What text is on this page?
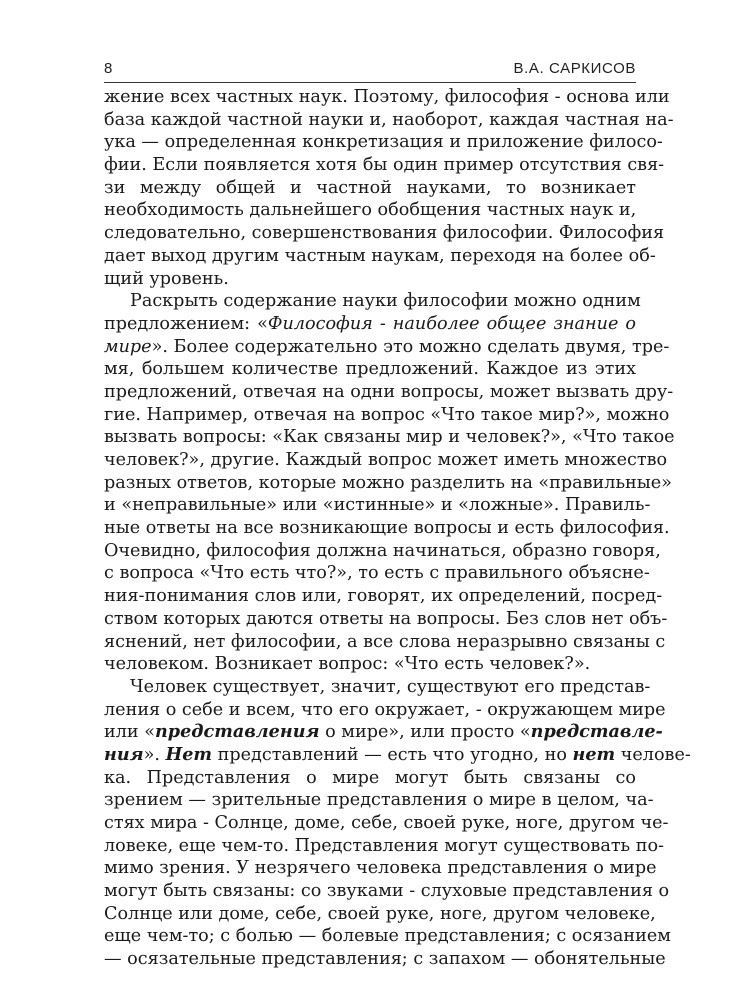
8	В.А. САРКИСОВ
жение всех частных наук. Поэтому, философия - основа или
база каждой частной науки и, наоборот, каждая частная на-
ука — определенная конкретизация и приложение филосо-
фии. Если появляется хотя бы один пример отсутствия свя-
зи между общей и частной науками, то возникает
необходимость дальнейшего обобщения частных наук и,
следовательно, совершенствования философии. Философия
дает выход другим частным наукам, переходя на более об-
щий уровень.
Раскрыть содержание науки философии можно одним
предложением: «Философия - наиболее общее знание о
мире». Более содержательно это можно сделать двумя, тре-
мя, большем количестве предложений. Каждое из этих
предложений, отвечая на одни вопросы, может вызвать дру-
гие. Например, отвечая на вопрос «Что такое мир?», можно
вызвать вопросы: «Как связаны мир и человек?», «Что такое
человек?», другие. Каждый вопрос может иметь множество
разных ответов, которые можно разделить на «правильные»
и «неправильные» или «истинные» и «ложные». Правиль-
ные ответы на все возникающие вопросы и есть философия.
Очевидно, философия должна начинаться, образно говоря,
с вопроса «Что есть что?», то есть с правильного объясне-
ния-понимания слов или, говорят, их определений, посред-
ством которых даются ответы на вопросы. Без слов нет объ-
яснений, нет философии, а все слова неразрывно связаны с
человеком. Возникает вопрос: «Что есть человек?».
Человек существует, значит, существуют его представ-
ления о себе и всем, что его окружает, - окружающем мире
или «представления о мире», или просто «представле-
ния». Нет представлений — есть что угодно, но нет челове-
ка. Представления о мире могут быть связаны со
зрением — зрительные представления о мире в целом, ча-
стях мира - Солнце, доме, себе, своей руке, ноге, другом че-
ловеке, еще чем-то. Представления могут существовать по-
мимо зрения. У незрячего человека представления о мире
могут быть связаны: со звуками - слуховые представления о
Солнце или доме, себе, своей руке, ноге, другом человеке,
еще чем-то; с болью — болевые представления; с осязанием
— осязательные представления; с запахом — обонятельные
